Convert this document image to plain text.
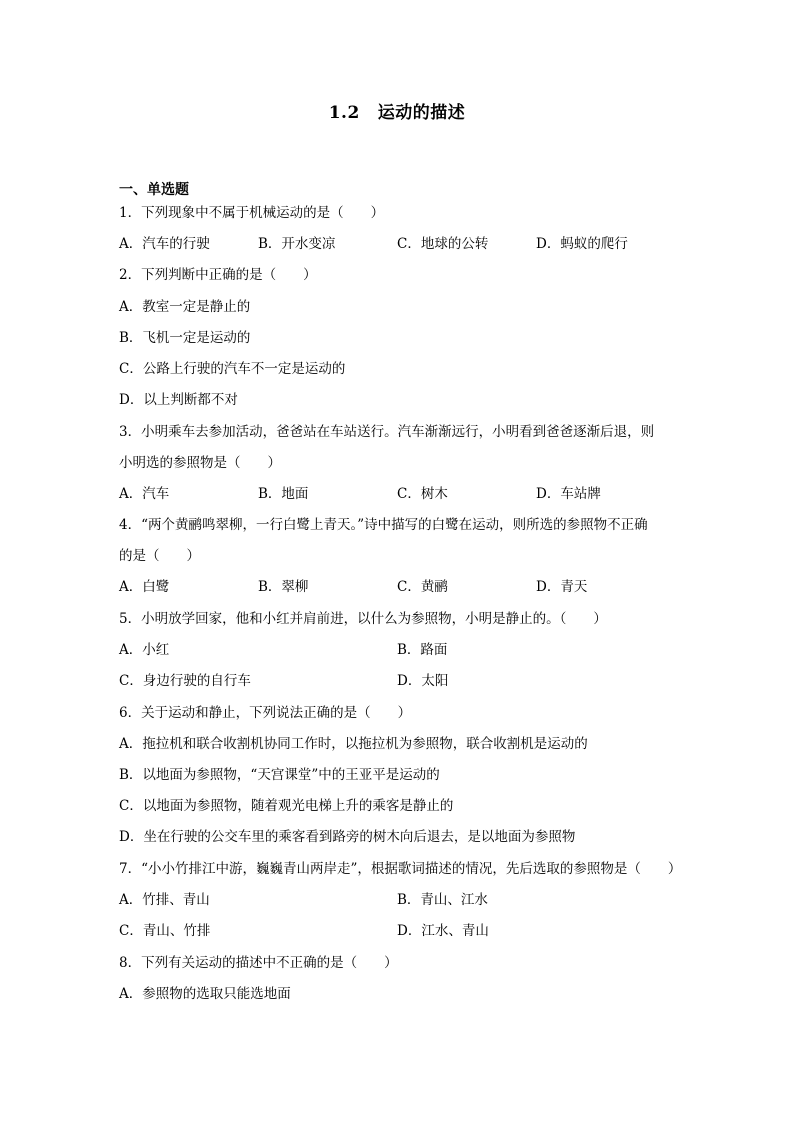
1.2 运动的描述
一、单选题
1．下列现象中不属于机械运动的是（　　）
A．汽车的行驶	B．开水变凉	C．地球的公转	D．蚂蚁的爬行
2．下列判断中正确的是（　　）
A．教室一定是静止的
B．飞机一定是运动的
C．公路上行驶的汽车不一定是运动的
D．以上判断都不对
3．小明乘车去参加活动，爸爸站在车站送行。汽车渐渐远行，小明看到爸爸逐渐后退，则
小明选的参照物是（　　）
A．汽车	B．地面	C．树木	D．车站牌
4．“两个黄鹂鸣翠柳，一行白鹭上青天。”诗中描写的白鹭在运动，则所选的参照物不正确
的是（　　）
A．白鹭	B．翠柳	C．黄鹂	D．青天
5．小明放学回家，他和小红并肩前进，以什么为参照物，小明是静止的。（　　）
A．小红	B．路面
C．身边行驶的自行车	D．太阳
6．关于运动和静止，下列说法正确的是（　　）
A．拖拉机和联合收割机协同工作时，以拖拉机为参照物，联合收割机是运动的
B．以地面为参照物，“天宫课堂”中的王亚平是运动的
C．以地面为参照物，随着观光电梯上升的乘客是静止的
D．坐在行驶的公交车里的乘客看到路旁的树木向后退去，是以地面为参照物
7．“小小竹排江中游，巍巍青山两岸走”，根据歌词描述的情况，先后选取的参照物是（　　）
A．竹排、青山	B．青山、江水
C．青山、竹排	D．江水、青山
8．下列有关运动的描述中不正确的是（　　）
A．参照物的选取只能选地面
